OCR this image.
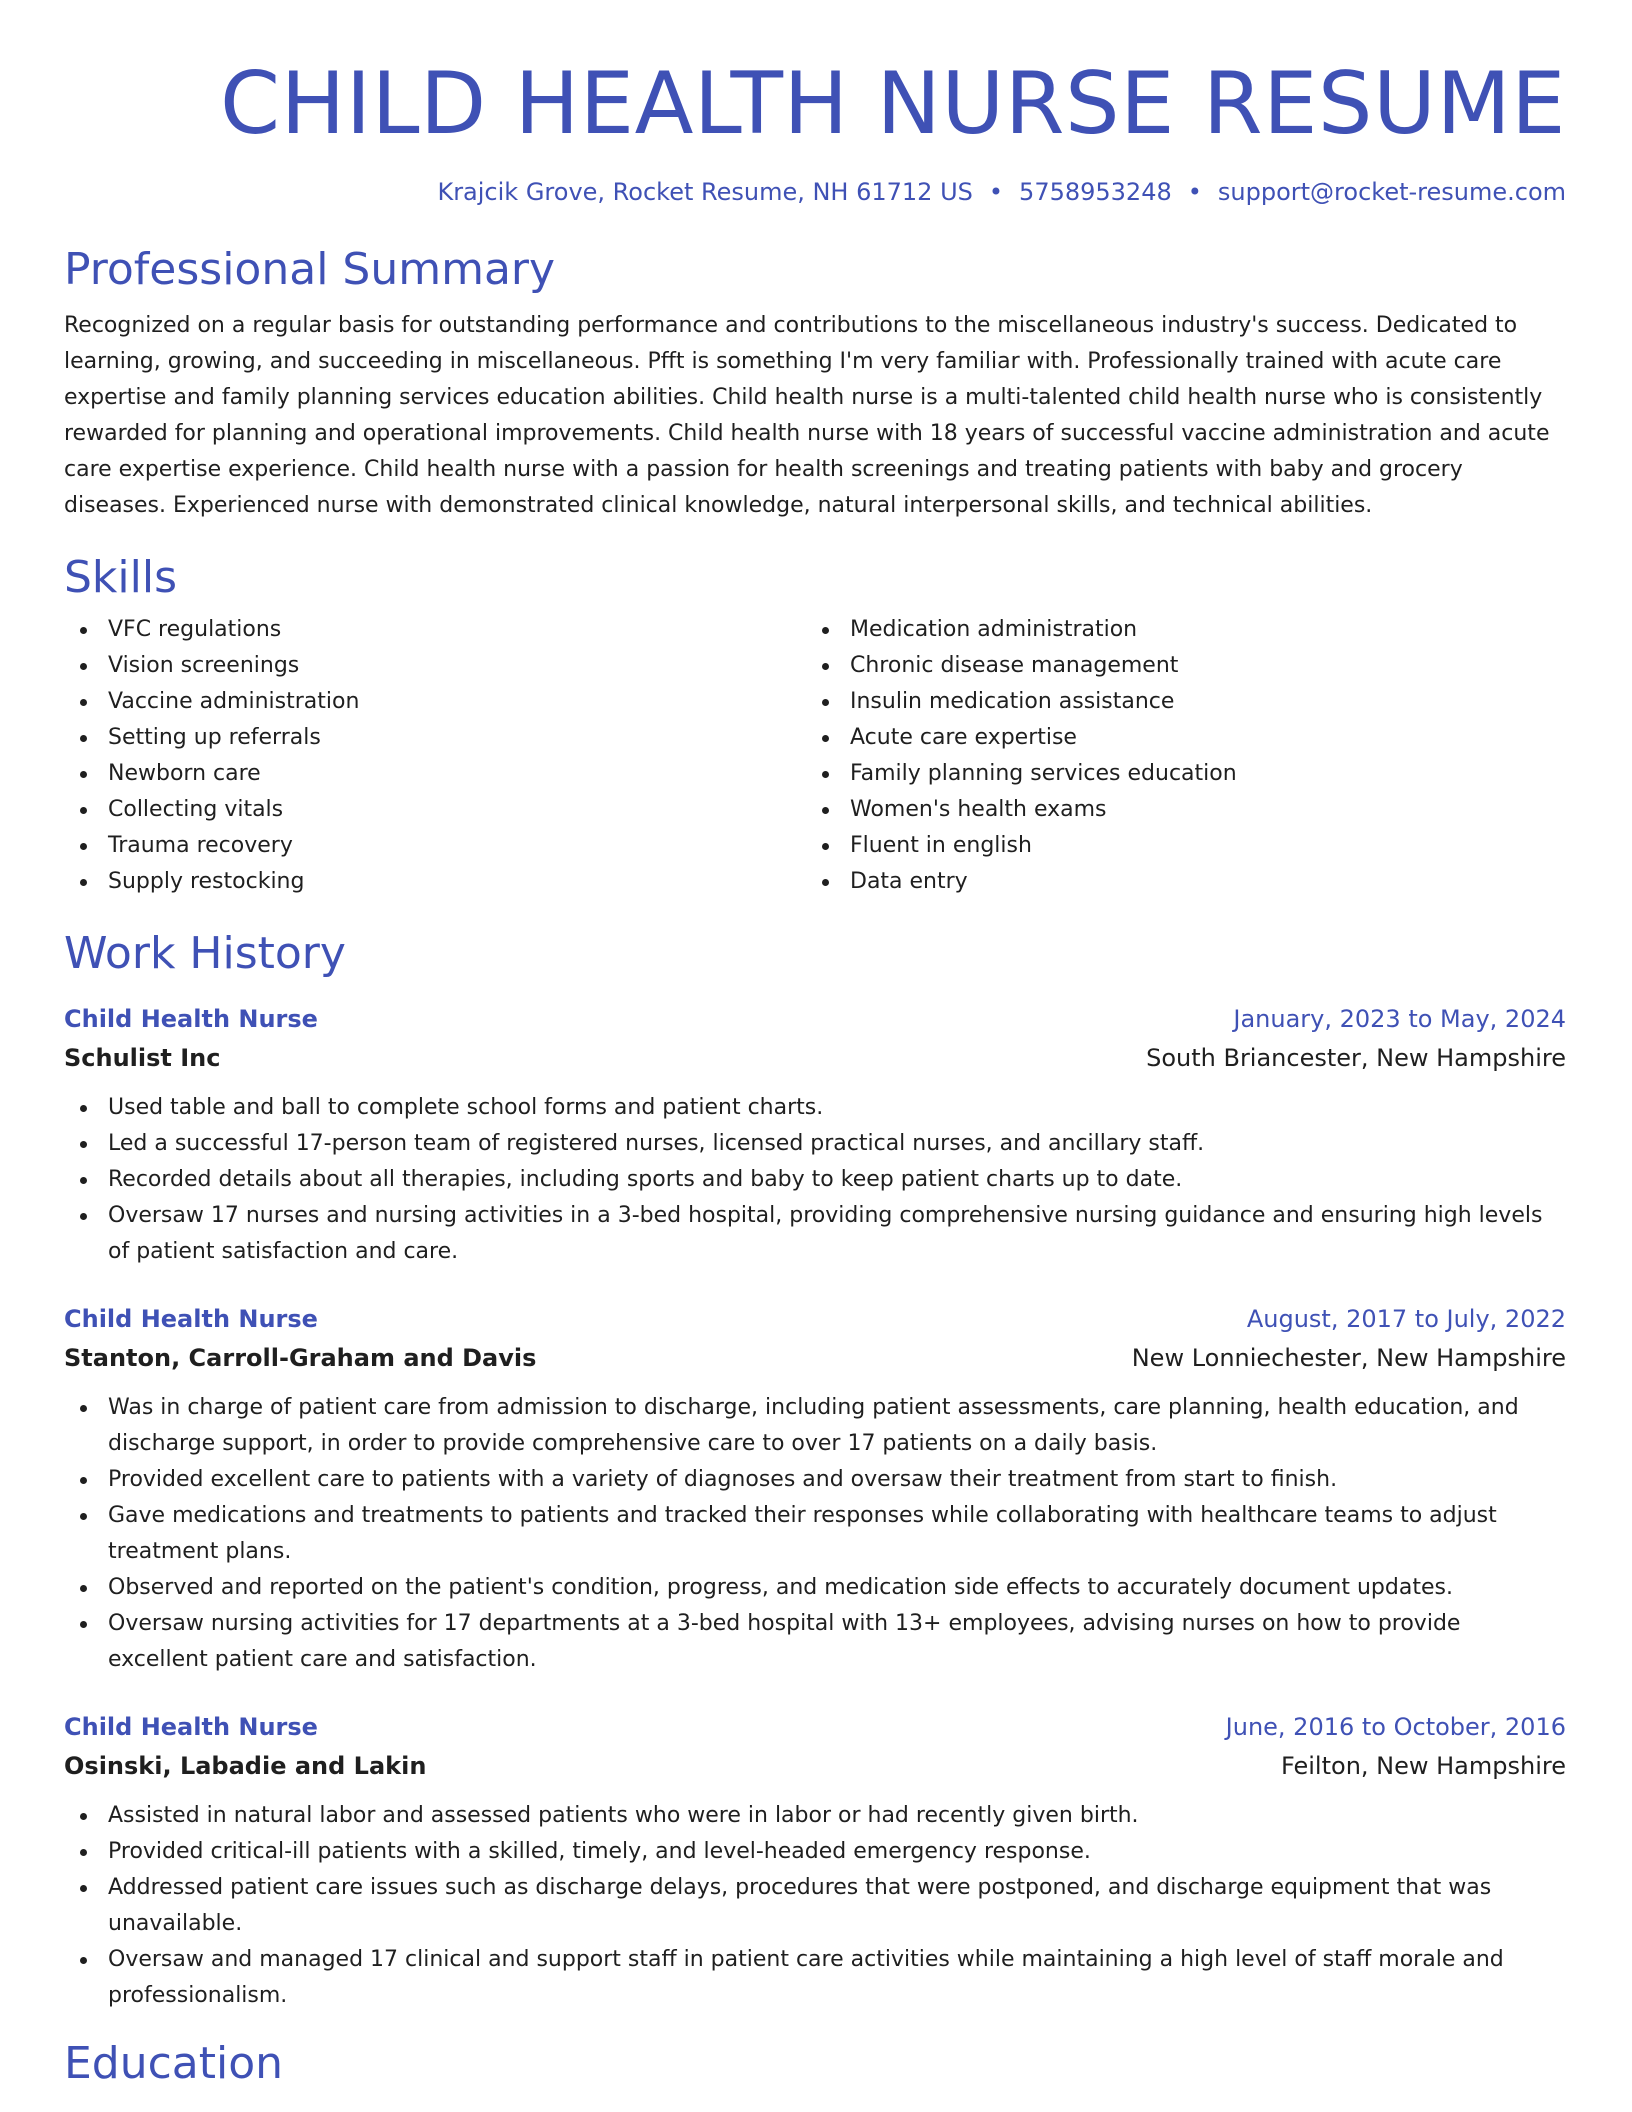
CHILD HEALTH NURSE RESUME
Krajcik Grove, Rocket Resume, NH 61712 US • 5758953248 • support@rocket-resume.com
Professional Summary
Recognized on a regular basis for outstanding performance and contributions to the miscellaneous industry's success. Dedicated to learning, growing, and succeeding in miscellaneous. Pfft is something I'm very familiar with. Professionally trained with acute care expertise and family planning services education abilities. Child health nurse is a multi-talented child health nurse who is consistently rewarded for planning and operational improvements. Child health nurse with 18 years of successful vaccine administration and acute care expertise experience. Child health nurse with a passion for health screenings and treating patients with baby and grocery diseases. Experienced nurse with demonstrated clinical knowledge, natural interpersonal skills, and technical abilities.
Skills
VFC regulations
Vision screenings
Vaccine administration
Setting up referrals
Newborn care
Collecting vitals
Trauma recovery
Supply restocking
Medication administration
Chronic disease management
Insulin medication assistance
Acute care expertise
Family planning services education
Women's health exams
Fluent in english
Data entry
Work History
Child Health Nurse	January, 2023 to May, 2024
Schulist Inc	South Briancester, New Hampshire
Used table and ball to complete school forms and patient charts.
Led a successful 17-person team of registered nurses, licensed practical nurses, and ancillary staff.
Recorded details about all therapies, including sports and baby to keep patient charts up to date.
Oversaw 17 nurses and nursing activities in a 3-bed hospital, providing comprehensive nursing guidance and ensuring high levels of patient satisfaction and care.
Child Health Nurse	August, 2017 to July, 2022
Stanton, Carroll-Graham and Davis	New Lonniechester, New Hampshire
Was in charge of patient care from admission to discharge, including patient assessments, care planning, health education, and discharge support, in order to provide comprehensive care to over 17 patients on a daily basis.
Provided excellent care to patients with a variety of diagnoses and oversaw their treatment from start to finish.
Gave medications and treatments to patients and tracked their responses while collaborating with healthcare teams to adjust treatment plans.
Observed and reported on the patient's condition, progress, and medication side effects to accurately document updates.
Oversaw nursing activities for 17 departments at a 3-bed hospital with 13+ employees, advising nurses on how to provide excellent patient care and satisfaction.
Child Health Nurse	June, 2016 to October, 2016
Osinski, Labadie and Lakin	Feilton, New Hampshire
Assisted in natural labor and assessed patients who were in labor or had recently given birth.
Provided critical-ill patients with a skilled, timely, and level-headed emergency response.
Addressed patient care issues such as discharge delays, procedures that were postponed, and discharge equipment that was unavailable.
Oversaw and managed 17 clinical and support staff in patient care activities while maintaining a high level of staff morale and professionalism.
Education
